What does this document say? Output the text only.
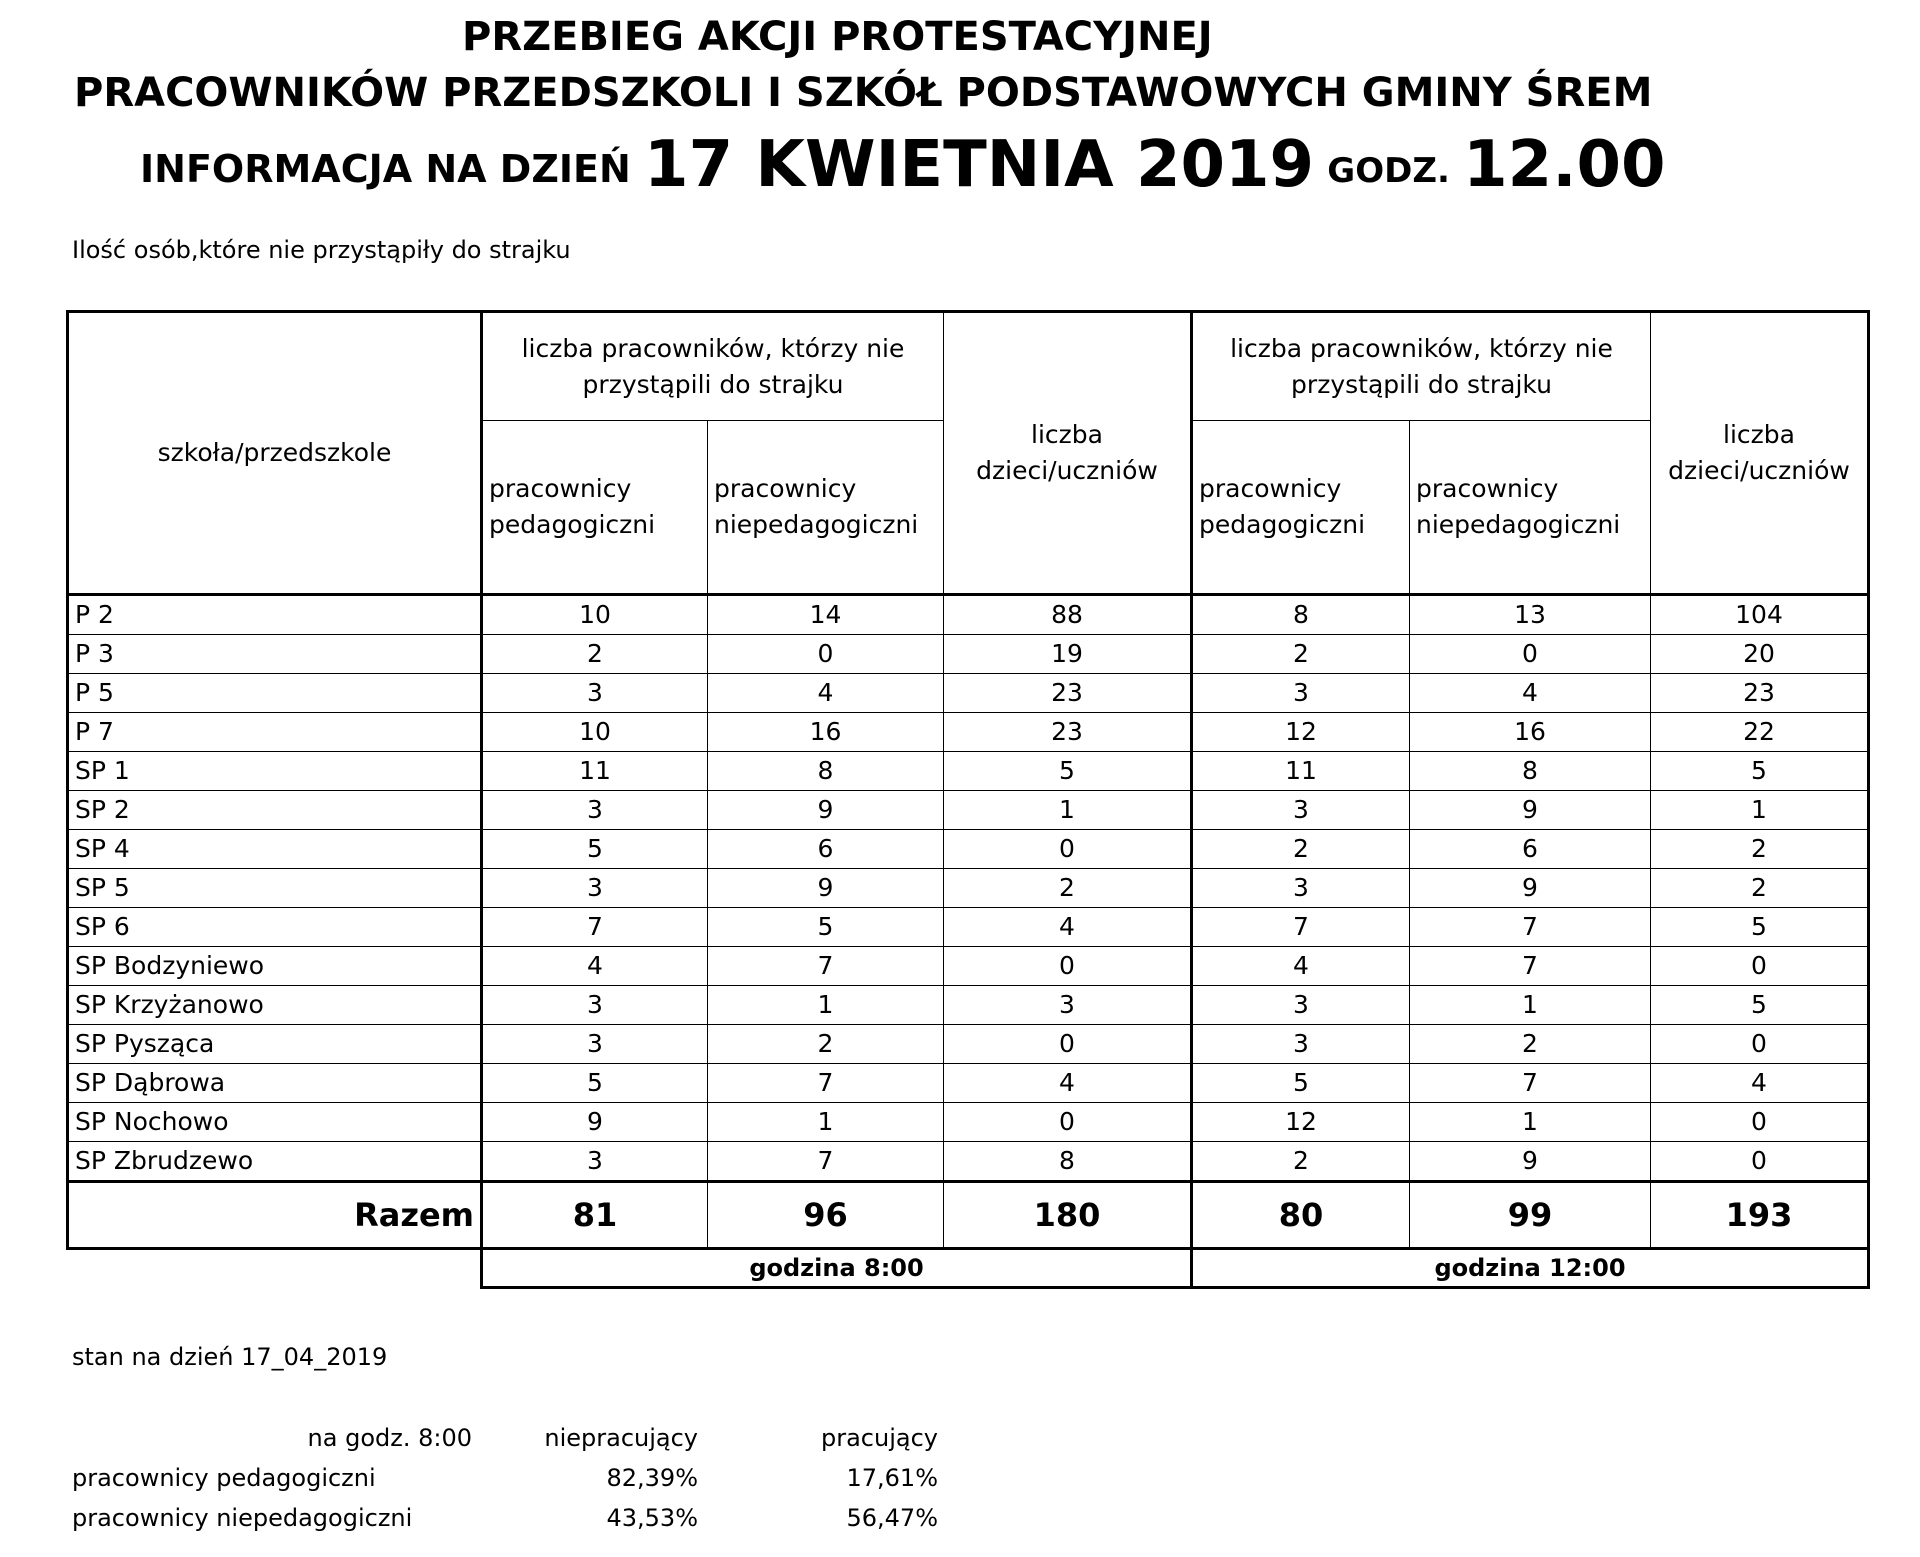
PRZEBIEG AKCJI PROTESTACYJNEJ
PRACOWNIKÓW PRZEDSZKOLI I SZKÓŁ PODSTAWOWYCH GMINY ŚREM
INFORMACJA NA DZIEŃ 17 KWIETNIA 2019 GODZ. 12.00
Ilość osób,które nie przystąpiły do strajku
szkoła/przedszkole	liczba pracowników, którzy nie przystąpili do strajku		liczba dzieci/uczniów	liczba pracowników, którzy nie przystąpili do strajku		liczba dzieci/uczniów
	pracownicy pedagogiczni	pracownicy niepedagogiczni		pracownicy pedagogiczni	pracownicy niepedagogiczni	
P 2	10	14	88	8	13	104
P 3	2	0	19	2	0	20
P 5	3	4	23	3	4	23
P 7	10	16	23	12	16	22
SP 1	11	8	5	11	8	5
SP 2	3	9	1	3	9	1
SP 4	5	6	0	2	6	2
SP 5	3	9	2	3	9	2
SP 6	7	5	4	7	7	5
SP Bodzyniewo	4	7	0	4	7	0
SP Krzyżanowo	3	1	3	3	1	5
SP Pysząca	3	2	0	3	2	0
SP Dąbrowa	5	7	4	5	7	4
SP Nochowo	9	1	0	12	1	0
SP Zbrudzewo	3	7	8	2	9	0
Razem	81	96	180	80	99	193
	godzina 8:00			godzina 12:00		
stan na dzień 17_04_2019
na godz. 8:00	niepracujący	pracujący
pracownicy pedagogiczni	82,39%	17,61%
pracownicy niepedagogiczni	43,53%	56,47%
